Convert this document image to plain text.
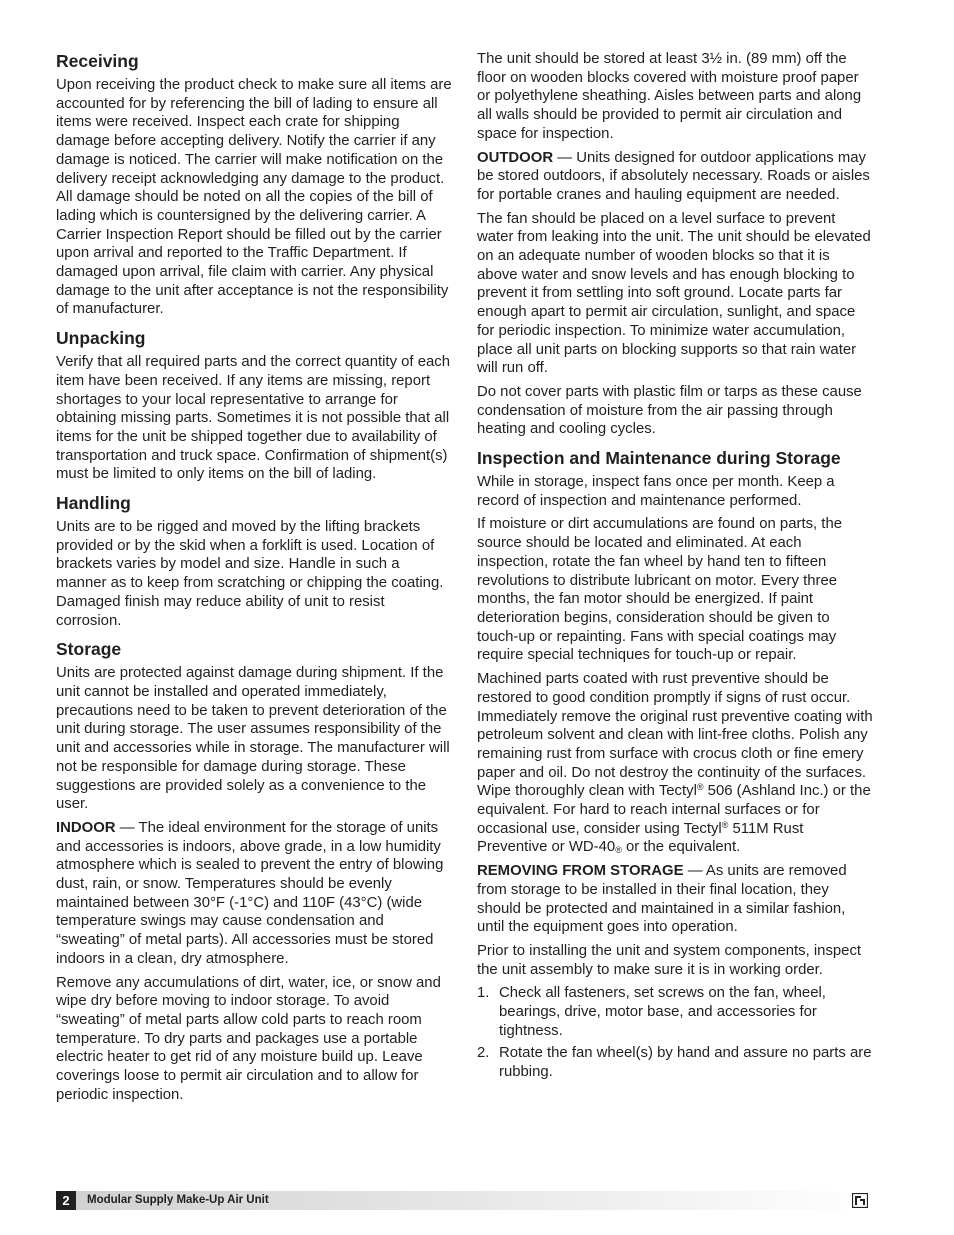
Receiving

Upon receiving the product check to make sure all items are accounted for by referencing the bill of lading to ensure all items were received. Inspect each crate for shipping damage before accepting delivery. Notify the carrier if any damage is noticed. The carrier will make notification on the delivery receipt acknowledging any damage to the product. All damage should be noted on all the copies of the bill of lading which is countersigned by the delivering carrier. A Carrier Inspection Report should be filled out by the carrier upon arrival and reported to the Traffic Department. If damaged upon arrival, file claim with carrier. Any physical damage to the unit after acceptance is not the responsibility of manufacturer.

Unpacking

Verify that all required parts and the correct quantity of each item have been received. If any items are missing, report shortages to your local representative to arrange for obtaining missing parts. Sometimes it is not possible that all items for the unit be shipped together due to availability of transportation and truck space. Confirmation of shipment(s) must be limited to only items on the bill of lading.

Handling

Units are to be rigged and moved by the lifting brackets provided or by the skid when a forklift is used. Location of brackets varies by model and size. Handle in such a manner as to keep from scratching or chipping the coating. Damaged finish may reduce ability of unit to resist corrosion.

Storage

Units are protected against damage during shipment. If the unit cannot be installed and operated immediately, precautions need to be taken to prevent deterioration of the unit during storage. The user assumes responsibility of the unit and accessories while in storage. The manufacturer will not be responsible for damage during storage. These suggestions are provided solely as a convenience to the user.

INDOOR — The ideal environment for the storage of units and accessories is indoors, above grade, in a low humidity atmosphere which is sealed to prevent the entry of blowing dust, rain, or snow. Temperatures should be evenly maintained between 30°F (-1°C) and 110F (43°C) (wide temperature swings may cause condensation and “sweating” of metal parts). All accessories must be stored indoors in a clean, dry atmosphere.

Remove any accumulations of dirt, water, ice, or snow and wipe dry before moving to indoor storage. To avoid “sweating” of metal parts allow cold parts to reach room temperature. To dry parts and packages use a portable electric heater to get rid of any moisture build up. Leave coverings loose to permit air circulation and to allow for periodic inspection.

The unit should be stored at least 3½ in. (89 mm) off the floor on wooden blocks covered with moisture proof paper or polyethylene sheathing. Aisles between parts and along all walls should be provided to permit air circulation and space for inspection.

OUTDOOR — Units designed for outdoor applications may be stored outdoors, if absolutely necessary. Roads or aisles for portable cranes and hauling equipment are needed.

The fan should be placed on a level surface to prevent water from leaking into the unit. The unit should be elevated on an adequate number of wooden blocks so that it is above water and snow levels and has enough blocking to prevent it from settling into soft ground. Locate parts far enough apart to permit air circulation, sunlight, and space for periodic inspection. To minimize water accumulation, place all unit parts on blocking supports so that rain water will run off.

Do not cover parts with plastic film or tarps as these cause condensation of moisture from the air passing through heating and cooling cycles.

Inspection and Maintenance during Storage

While in storage, inspect fans once per month. Keep a record of inspection and maintenance performed.

If moisture or dirt accumulations are found on parts, the source should be located and eliminated. At each inspection, rotate the fan wheel by hand ten to fifteen revolutions to distribute lubricant on motor. Every three months, the fan motor should be energized. If paint deterioration begins, consideration should be given to touch-up or repainting. Fans with special coatings may require special techniques for touch-up or repair.

Machined parts coated with rust preventive should be restored to good condition promptly if signs of rust occur. Immediately remove the original rust preventive coating with petroleum solvent and clean with lint-free cloths. Polish any remaining rust from surface with crocus cloth or fine emery paper and oil. Do not destroy the continuity of the surfaces. Wipe thoroughly clean with Tectyl® 506 (Ashland Inc.) or the equivalent. For hard to reach internal surfaces or for occasional use, consider using Tectyl® 511M Rust Preventive or WD-40® or the equivalent.

REMOVING FROM STORAGE — As units are removed from storage to be installed in their final location, they should be protected and maintained in a similar fashion, until the equipment goes into operation.

Prior to installing the unit and system components, inspect the unit assembly to make sure it is in working order.

1. Check all fasteners, set screws on the fan, wheel, bearings, drive, motor base, and accessories for tightness.
2. Rotate the fan wheel(s) by hand and assure no parts are rubbing.
2	Modular Supply Make-Up Air Unit
